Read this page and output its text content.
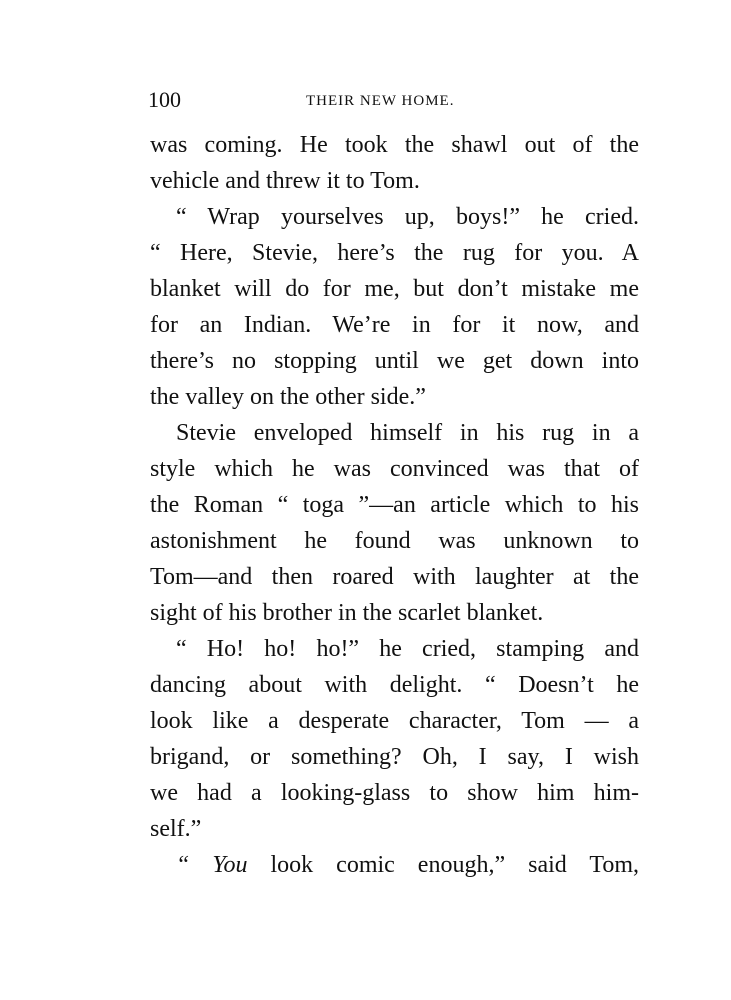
100	THEIR NEW HOME.
was coming. He took the shawl out of the
vehicle and threw it to Tom.
“ Wrap yourselves up, boys!” he cried.
“ Here, Stevie, here’s the rug for you. A
blanket will do for me, but don’t mistake me
for an Indian. We’re in for it now, and
there’s no stopping until we get down into
the valley on the other side.”
Stevie enveloped himself in his rug in a
style which he was convinced was that of
the Roman “ toga ”—an article which to his
astonishment he found was unknown to
Tom—and then roared with laughter at the
sight of his brother in the scarlet blanket.
“ Ho! ho! ho!” he cried, stamping and
dancing about with delight. “ Doesn’t he
look like a desperate character, Tom — a
brigand, or something? Oh, I say, I wish
we had a looking-glass to show him him-
self.”
“ You look comic enough,” said Tom,
